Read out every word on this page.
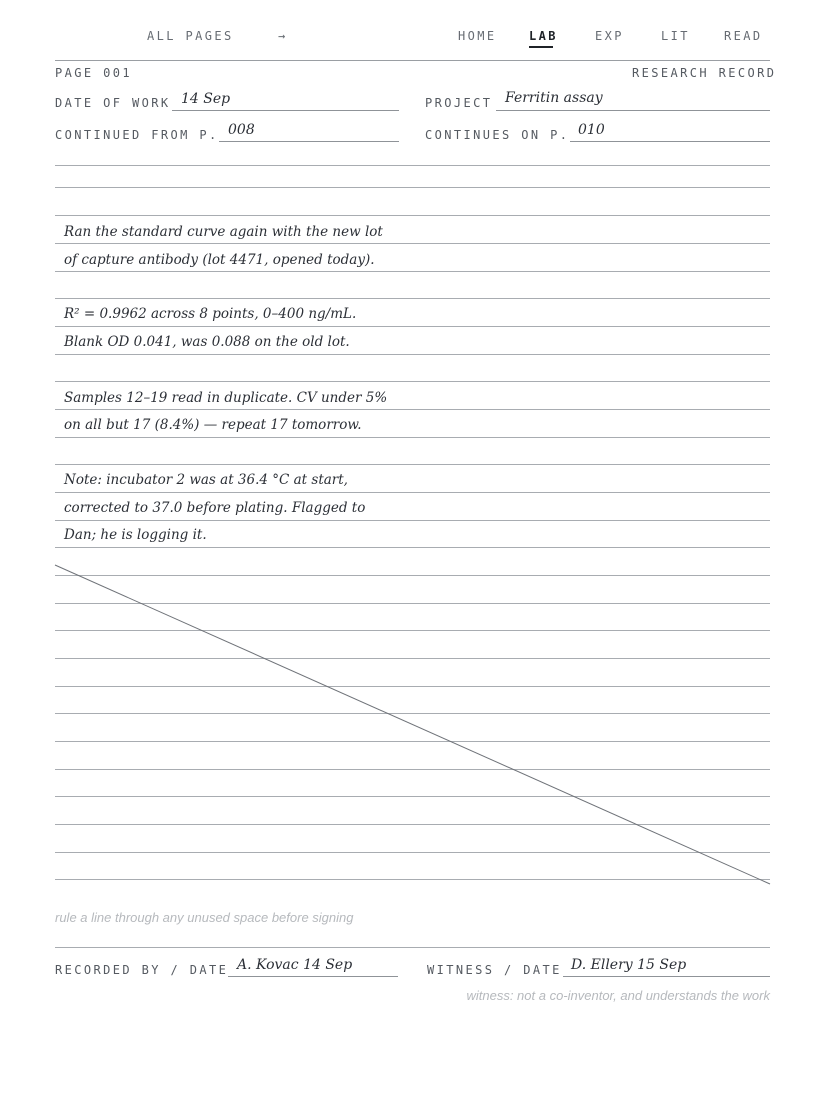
ALL PAGES	→	HOME	LAB	EXP	LIT	READ
PAGE 001	RESEARCH RECORD
DATE OF WORK 14 Sep	PROJECT Ferritin assay
CONTINUED FROM P. 008	CONTINUES ON P. 010
Ran the standard curve again with the new lot
of capture antibody (lot 4471, opened today).
R² = 0.9962 across 8 points, 0–400 ng/mL.
Blank OD 0.041, was 0.088 on the old lot.
Samples 12–19 read in duplicate. CV under 5%
on all but 17 (8.4%) — repeat 17 tomorrow.
Note: incubator 2 was at 36.4 °C at start,
corrected to 37.0 before plating. Flagged to
Dan; he is logging it.
rule a line through any unused space before signing
RECORDED BY / DATE A. Kovac 14 Sep	WITNESS / DATE D. Ellery 15 Sep
witness: not a co-inventor, and understands the work
